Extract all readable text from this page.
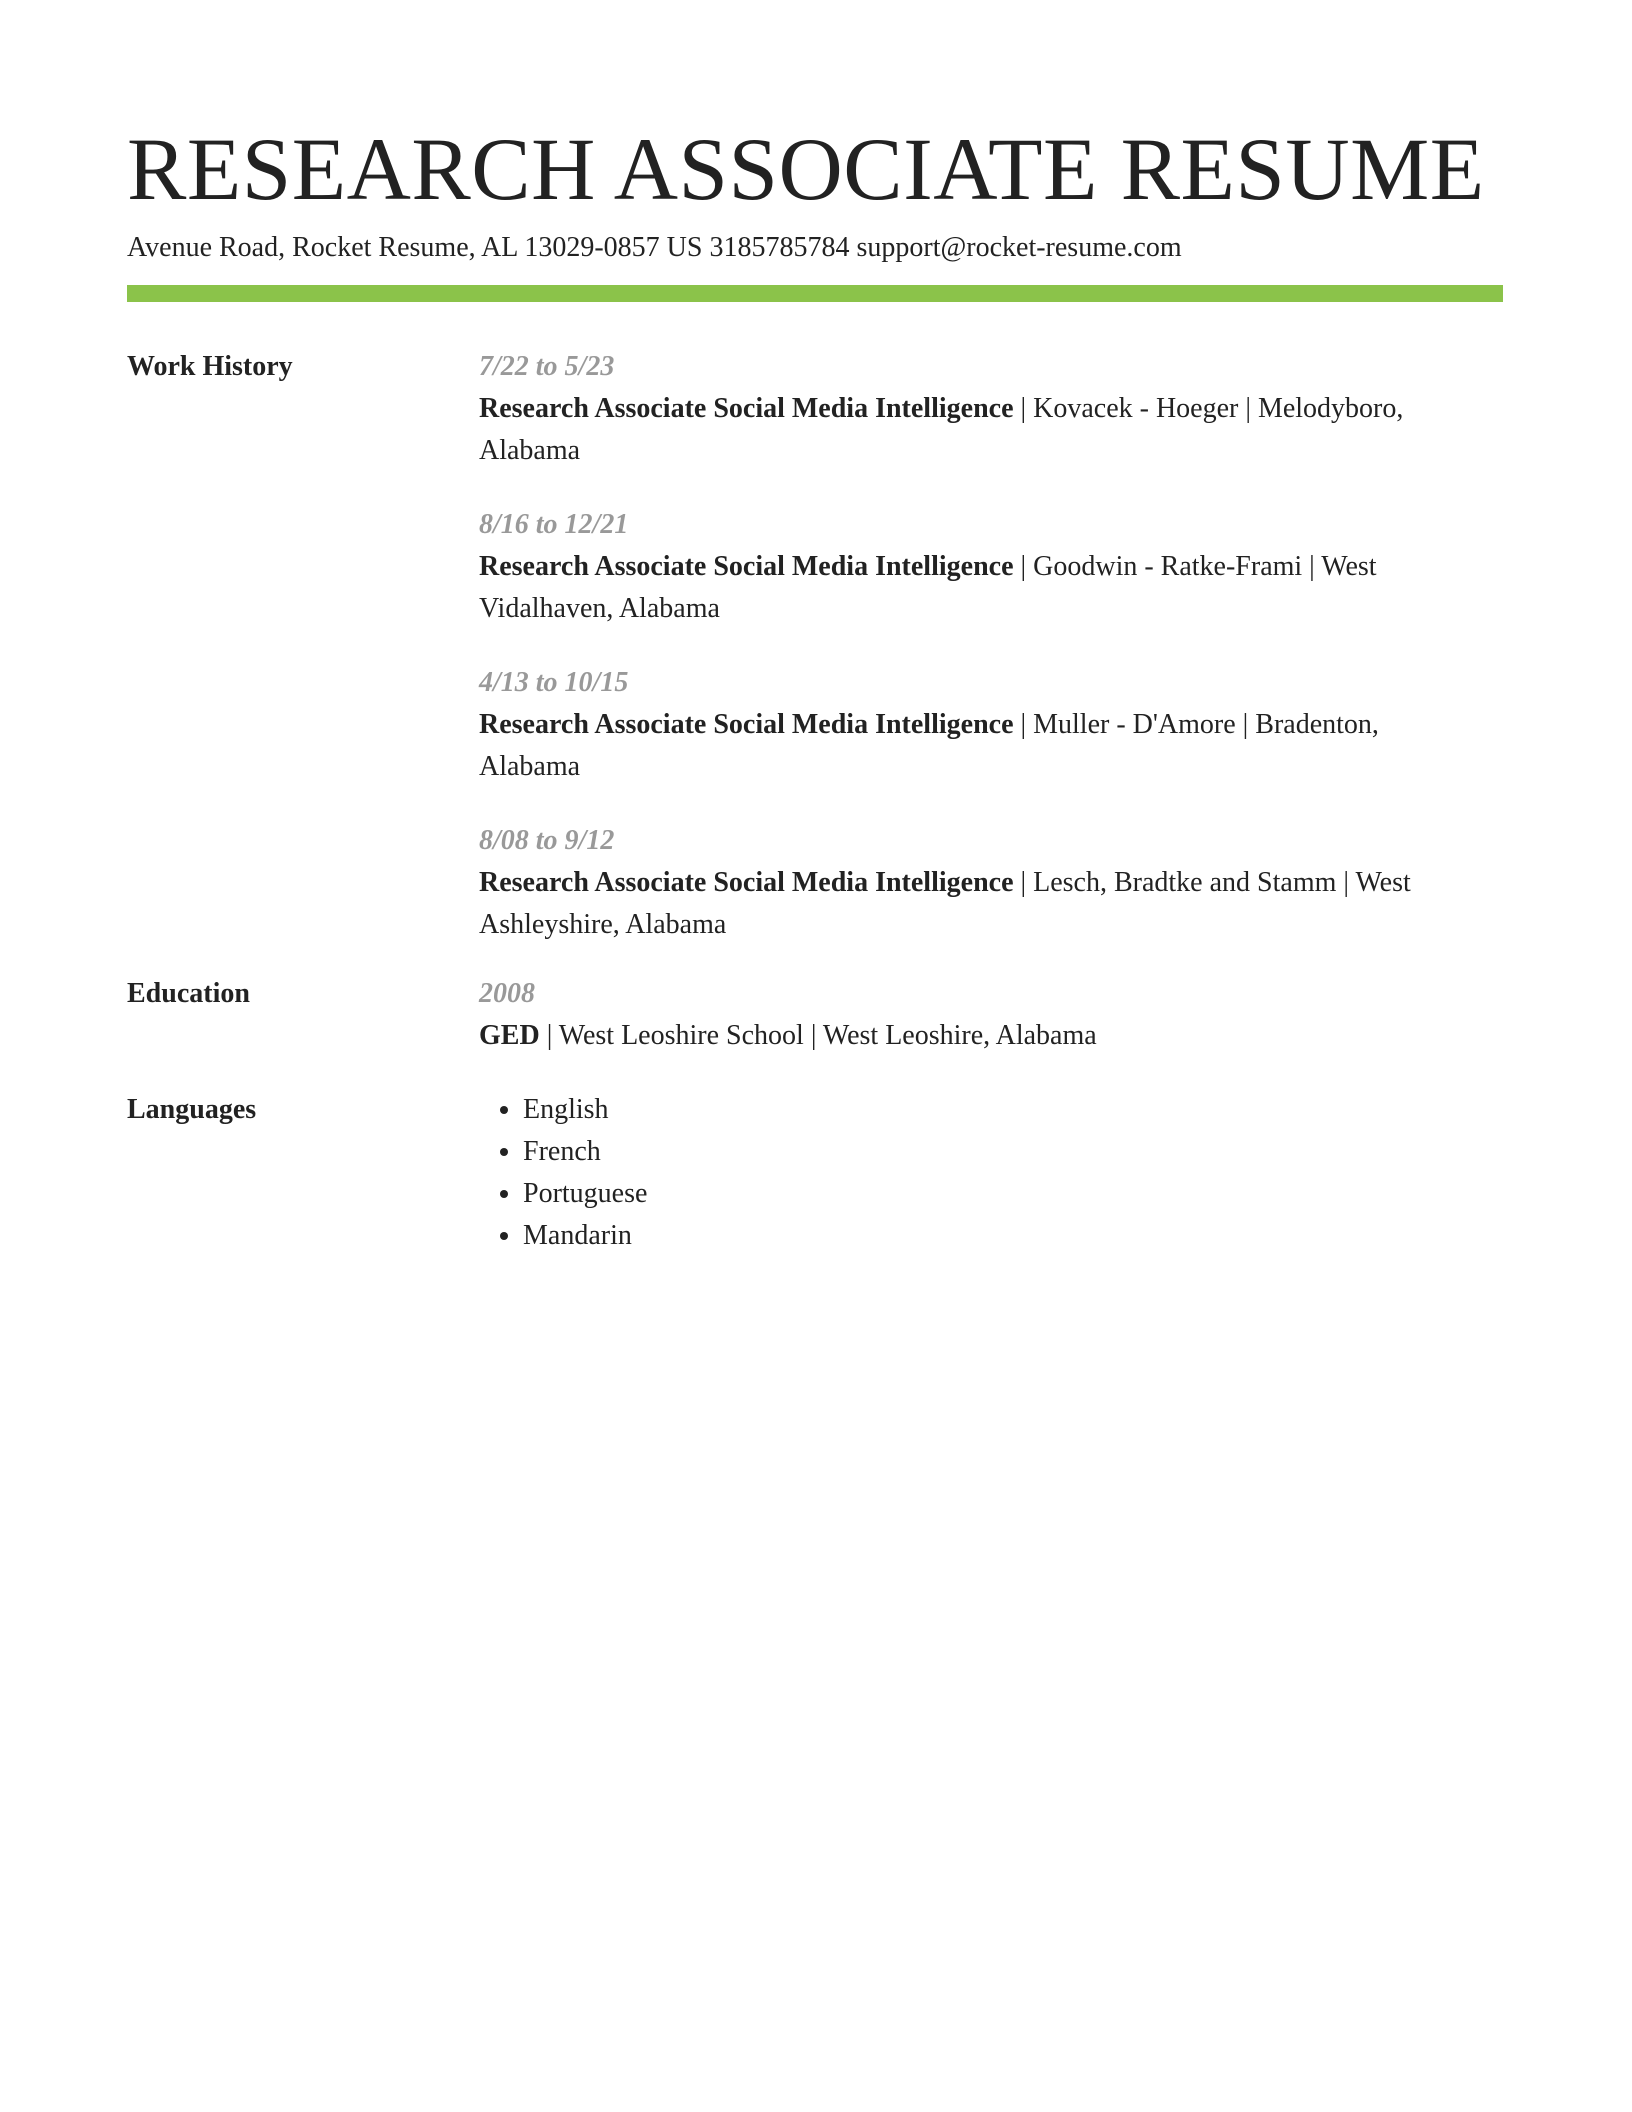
RESEARCH ASSOCIATE RESUME
Avenue Road, Rocket Resume, AL 13029-0857 US 3185785784 support@rocket-resume.com
Work History	7/22 to 5/23
Research Associate Social Media Intelligence | Kovacek - Hoeger | Melodyboro, Alabama
8/16 to 12/21
Research Associate Social Media Intelligence | Goodwin - Ratke-Frami | West Vidalhaven, Alabama
4/13 to 10/15
Research Associate Social Media Intelligence | Muller - D'Amore | Bradenton, Alabama
8/08 to 9/12
Research Associate Social Media Intelligence | Lesch, Bradtke and Stamm | West Ashleyshire, Alabama
Education	2008
GED | West Leoshire School | West Leoshire, Alabama
Languages
•	English
• French
• Portuguese
• Mandarin
